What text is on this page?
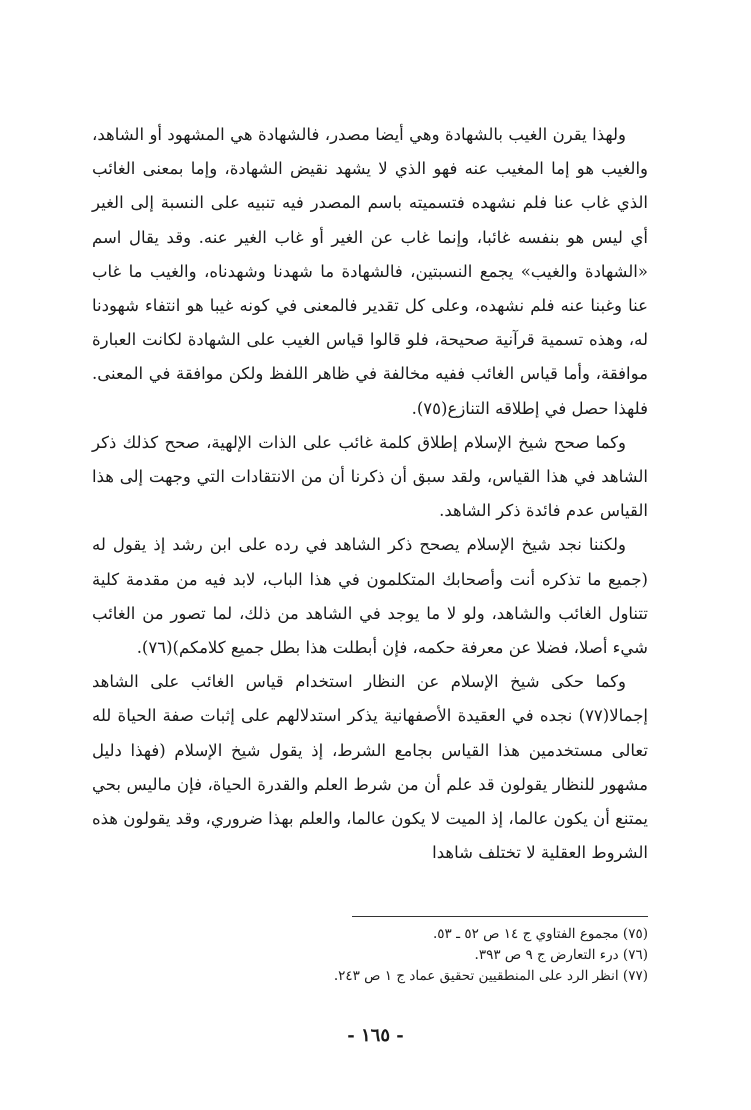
ولهذا يقرن الغيب بالشهادة وهي أيضا مصدر، فالشهادة هي المشهود أو الشاهد، والغيب هو إما المغيب عنه فهو الذي لا يشهد نقيض الشهادة، وإما بمعنى الغائب الذي غاب عنا فلم نشهده فتسميته باسم المصدر فيه تنبيه على النسبة إلى الغير أي ليس هو بنفسه غائبا، وإنما غاب عن الغير أو غاب الغير عنه. وقد يقال اسم «الشهادة والغيب» يجمع النسبتين، فالشهادة ما شهدنا وشهدناه، والغيب ما غاب عنا وغبنا عنه فلم نشهده، وعلى كل تقدير فالمعنى في كونه غيبا هو انتفاء شهودنا له، وهذه تسمية قرآنية صحيحة، فلو قالوا قياس الغيب على الشهادة لكانت العبارة موافقة، وأما قياس الغائب ففيه مخالفة في ظاهر اللفظ ولكن موافقة في المعنى. فلهذا حصل في إطلاقه التنازع(٧٥).

وكما صحح شيخ الإسلام إطلاق كلمة غائب على الذات الإلهية، صحح كذلك ذكر الشاهد في هذا القياس، ولقد سبق أن ذكرنا أن من الانتقادات التي وجهت إلى هذا القياس عدم فائدة ذكر الشاهد.

ولكننا نجد شيخ الإسلام يصحح ذكر الشاهد في رده على ابن رشد إذ يقول له (جميع ما تذكره أنت وأصحابك المتكلمون في هذا الباب، لابد فيه من مقدمة كلية تتناول الغائب والشاهد، ولو لا ما يوجد في الشاهد من ذلك، لما تصور من الغائب شيء أصلا، فضلا عن معرفة حكمه، فإن أبطلت هذا بطل جميع كلامكم)(٧٦).

وكما حكى شيخ الإسلام عن النظار استخدام قياس الغائب على الشاهد إجمالا(٧٧) نجده في العقيدة الأصفهانية يذكر استدلالهم على إثبات صفة الحياة لله تعالى مستخدمين هذا القياس بجامع الشرط، إذ يقول شيخ الإسلام (فهذا دليل مشهور للنظار يقولون قد علم أن من شرط العلم والقدرة الحياة، فإن ماليس بحي يمتنع أن يكون عالما، إذ الميت لا يكون عالما، والعلم بهذا ضروري، وقد يقولون هذه الشروط العقلية لا تختلف شاهدا

(٧٥) مجموع الفتاوي ج ١٤ ص ٥٢ ـ ٥٣.

(٧٦) درء التعارض ج ٩ ص ٣٩٣.

(٧٧) انظر الرد على المنطقيين تحقيق عماد ج ١ ص ٢٤٣.

- ١٦٥ -
